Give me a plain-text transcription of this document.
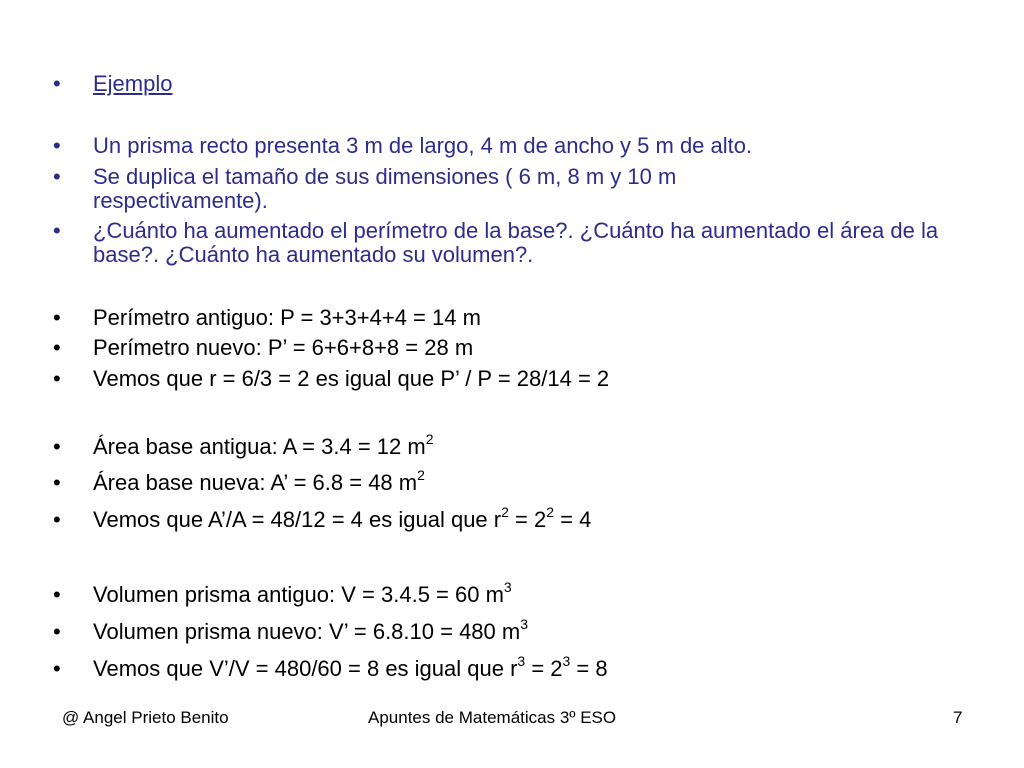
• Ejemplo
• Un prisma recto presenta 3 m de largo, 4 m de ancho y 5 m de alto.
• Se duplica el tamaño de sus dimensiones ( 6 m, 8 m y 10 m respectivamente).
• ¿Cuánto ha aumentado el perímetro de la base?. ¿Cuánto ha aumentado el área de la base?. ¿Cuánto ha aumentado su volumen?.
• Perímetro antiguo: P = 3+3+4+4 = 14 m
• Perímetro nuevo: P’ = 6+6+8+8 = 28 m
• Vemos que r = 6/3 = 2 es igual que P’ / P = 28/14 = 2
• Área base antigua: A = 3.4 = 12 $m^2$
• Área base nueva: A’ = 6.8 = 48 $m^2$
• Vemos que A’/A = 48/12 = 4 es igual que $r^2 = 2^2 = 4$
• Volumen prisma antiguo: V = 3.4.5 = 60 $m^3$
• Volumen prisma nuevo: V’ = 6.8.10 = 480 $m^3$
• Vemos que V’/V = 480/60 = 8 es igual que $r^3 = 2^3 = 8$
@ Angel Prieto Benito	Apuntes de Matemáticas 3º ESO	7
